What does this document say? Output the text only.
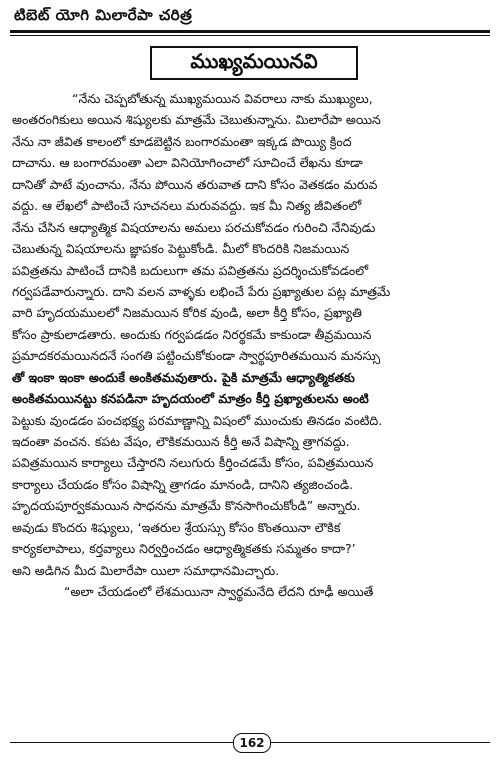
టిబెట్ యోగి మిలారేపా చరిత్ర
ముఖ్యమయినవి
“నేను చెప్పబోతున్న ముఖ్యమయిన వివరాలు నాకు ముఖ్యులు,
అంతరంగికులు అయిన శిష్యులకు మాత్రమే చెబుతున్నాను. మిలారేపా అయిన
నేను నా జీవిత కాలంలో కూడబెట్టిన బంగారమంతా ఇక్కడ పొయ్యి క్రింద
దాచాను. ఆ బంగారమంతా ఎలా వినియోగించాలో సూచించే లేఖను కూడా
దానితో పాటే వుంచాను. నేను పోయిన తరువాత దాని కోసం వెతకడం మరువ
వద్దు. ఆ లేఖలో పాటించే సూచనలు మరువవద్దు. ఇక మీ నిత్య జీవితంలో
నేను చేసిన ఆధ్యాత్మిక విషయాలను అమలు పరచుకోవడం గురించి నేనివుడు
చెబుతున్న విషయాలను జ్ఞాపకం పెట్టుకోండి. మీలో కొందరికి నిజమయిన
పవిత్రతను పాటించే దానికి బదులుగా తమ పవిత్రతను ప్రదర్శించుకోవడంలో
గర్వపడేవారున్నారు. దాని వలన వాళ్ళకు లభించే పేరు ప్రఖ్యాతుల పట్ల మాత్రమే
వారి హృదయములలో నిజమయిన కోరిక వుండి, అలా కీర్తి కోసం, ప్రఖ్యాతి
కోసం ప్రాకులాడతారు. అందుకు గర్వపడడం నిరర్థకమే కాకుండా తీవ్రమయిన
ప్రమాదకరమయినదనే సంగతి పట్టించుకోకుండా స్వార్థపూరితమయిన మనస్సు
తో ఇంకా ఇంకా అందుకే అంకితమవుతారు. పైకి మాత్రమే ఆధ్యాత్మికతకు
అంకితమయినట్టు కనపడినా హృదయంలో మాత్రం కీర్తి ప్రఖ్యాతులను అంటి
పెట్టుకు వుండడం పంచభక్ష్య పరమాణ్ణాన్ని విషంలో ముంచుకు తినడం వంటిది.
ఇదంతా వంచన. కపట వేషం, లౌకికమయిన కీర్తి అనే విషాన్ని త్రాగవద్దు.
పవిత్రమయిన కార్యాలు చేస్తారని నలుగురు కీర్తించడమే కోసం, పవిత్రమయిన
కార్యాలు చేయడం కోసం విషాన్ని త్రాగడం మానండి, దానిని త్యజించండి.
హృదయపూర్వకమయిన సాధనను మాత్రమే కొనసాగించుకోండి” అన్నారు.
అవుడు కొందరు శిష్యులు, ‘ఇతరుల శ్రేయస్సు కోసం కొంతయినా లౌకిక
కార్యకలాపాలు, కర్తవ్యాలు నిర్వర్తించడం ఆధ్యాత్మికతకు సమ్మతం కాదా?’
అని అడిగిన మీద మిలారేపా యిలా సమాధానమిచ్చారు.
“అలా చేయడంలో లేశమయినా స్వార్థమనేది లేదని రూఢీ అయితే
162
